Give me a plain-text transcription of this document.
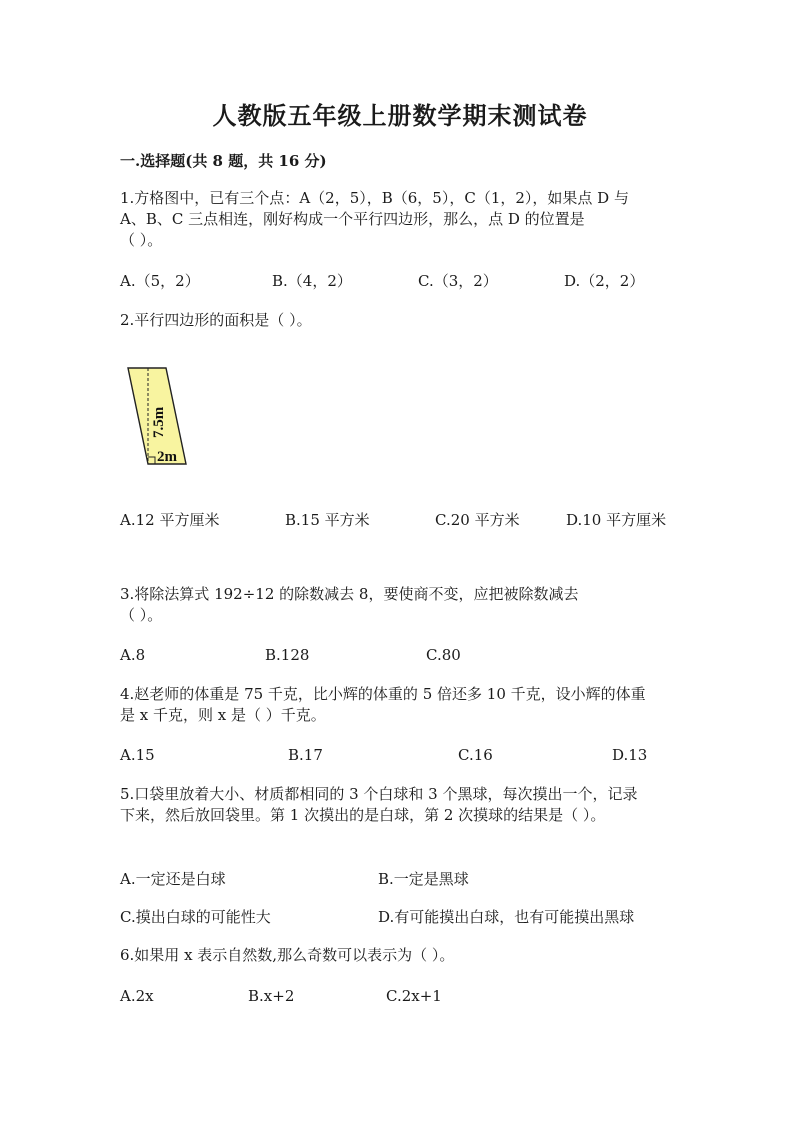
人教版五年级上册数学期末测试卷
一.选择题(共 8 题，共 16 分)
1.方格图中，已有三个点：A（2，5），B（6，5），C（1，2），如果点 D 与
A、B、C 三点相连，刚好构成一个平行四边形，那么，点 D 的位置是
（ ）。
A.（5，2）	B.（4，2）	C.（3，2）	D.（2，2）
2.平行四边形的面积是（ ）。
7.5m
2m
A.12 平方厘米	B.15 平方米	C.20 平方米	D.10 平方厘米
3.将除法算式 192÷12 的除数减去 8，要使商不变，应把被除数减去
（ ）。
A.8	B.128	C.80
4.赵老师的体重是 75 千克，比小辉的体重的 5 倍还多 10 千克，设小辉的体重
是 x 千克，则 x 是（ ）千克。
A.15	B.17	C.16	D.13
5.口袋里放着大小、材质都相同的 3 个白球和 3 个黑球，每次摸出一个，记录
下来，然后放回袋里。第 1 次摸出的是白球，第 2 次摸球的结果是（ ）。
A.一定还是白球	B.一定是黑球
C.摸出白球的可能性大	D.有可能摸出白球，也有可能摸出黑球
6.如果用 x 表示自然数,那么奇数可以表示为（ ）。
A.2x	B.x+2	C.2x+1
